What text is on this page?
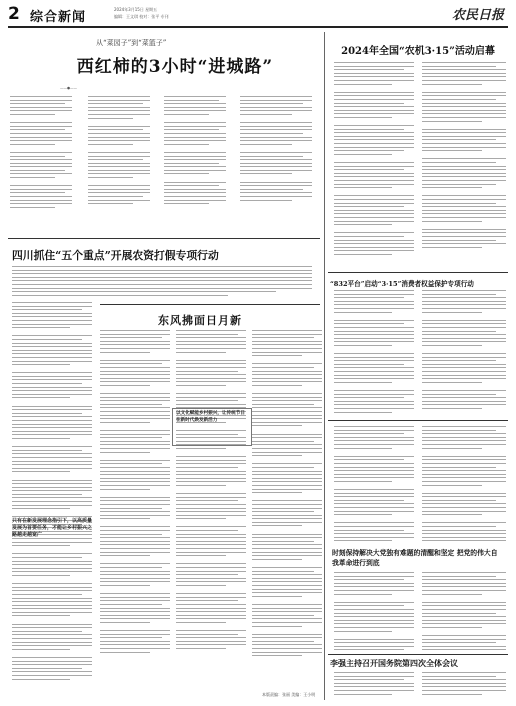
2 综合新闻
2024年3月15日 星期五
编辑：王文琪 校对：张平 专刊	农民日报
从“菜园子”到“菜篮子”
西红柿的3小时“进城路”
——●——
2024年全国“农机3·15”活动启幕
“832平台”启动“3·15”消费者权益保护专项行动
四川抓住“五个重点”开展农资打假专项行动
东风拂面日月新
只有在新发展理念指引下，以高质量发展为首要任务，才能让乡村振兴之路越走越宽广
以文化赋能乡村振兴，让传统节日在新时代焕发新活力
时刻保持解决大党独有难题的清醒和坚定 把党的伟大自我革命进行到底
李强主持召开国务院第四次全体会议
本版责编：张丽 美编：王小明
